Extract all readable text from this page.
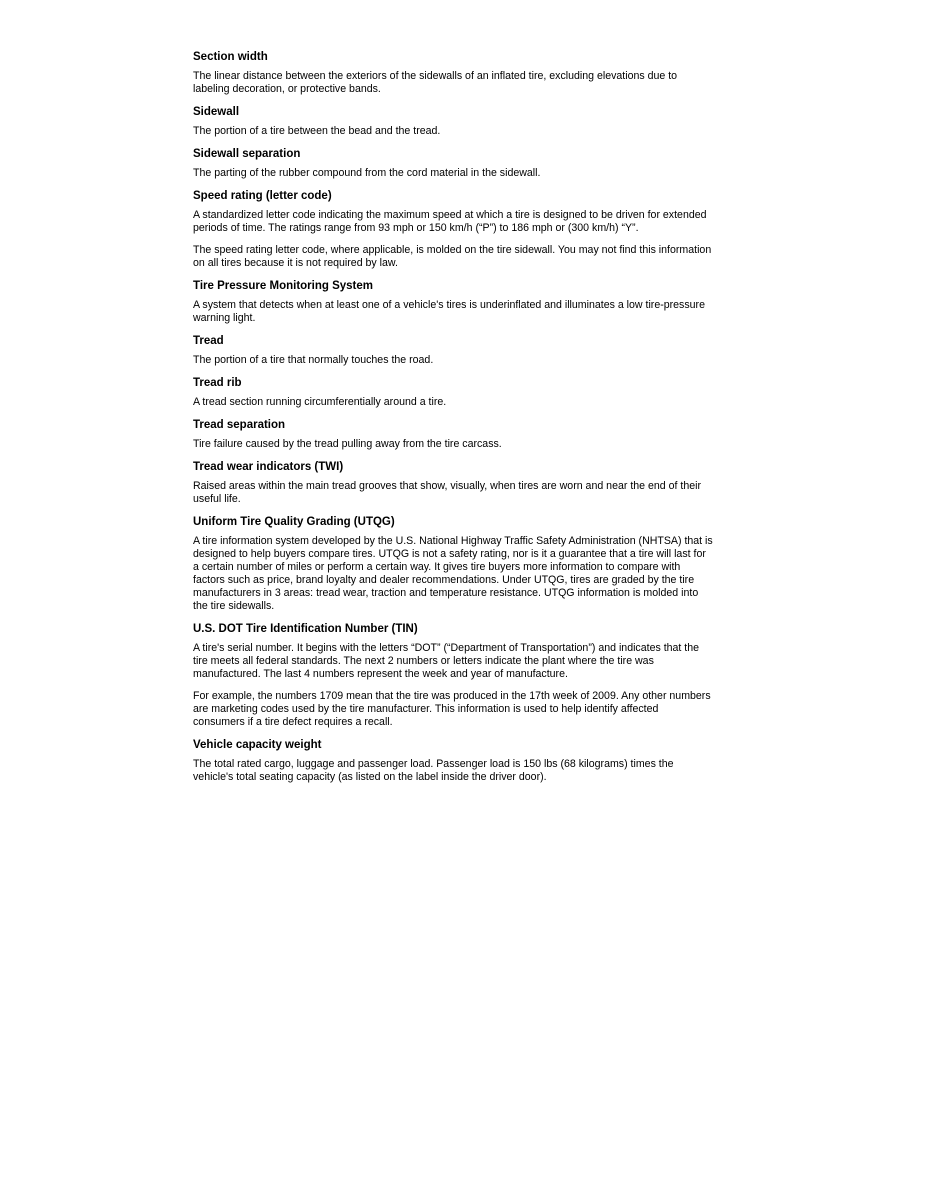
Section width

The linear distance between the exteriors of the sidewalls of an inflated tire, excluding elevations due to labeling decoration, or protective bands.

Sidewall

The portion of a tire between the bead and the tread.

Sidewall separation

The parting of the rubber compound from the cord material in the sidewall.

Speed rating (letter code)

A standardized letter code indicating the maximum speed at which a tire is designed to be driven for extended periods of time. The ratings range from 93 mph or 150 km/h (“P”) to 186 mph or (300 km/h) “Y”.

The speed rating letter code, where applicable, is molded on the tire sidewall. You may not find this information on all tires because it is not required by law.

Tire Pressure Monitoring System

A system that detects when at least one of a vehicle's tires is underinflated and illuminates a low tire-pressure warning light.

Tread

The portion of a tire that normally touches the road.

Tread rib

A tread section running circumferentially around a tire.

Tread separation

Tire failure caused by the tread pulling away from the tire carcass.

Tread wear indicators (TWI)

Raised areas within the main tread grooves that show, visually, when tires are worn and near the end of their useful life.

Uniform Tire Quality Grading (UTQG)

A tire information system developed by the U.S. National Highway Traffic Safety Administration (NHTSA) that is designed to help buyers compare tires. UTQG is not a safety rating, nor is it a guarantee that a tire will last for a certain number of miles or perform a certain way. It gives tire buyers more information to compare with factors such as price, brand loyalty and dealer recommendations. Under UTQG, tires are graded by the tire manufacturers in 3 areas: tread wear, traction and temperature resistance. UTQG information is molded into the tire sidewalls.

U.S. DOT Tire Identification Number (TIN)

A tire's serial number. It begins with the letters “DOT” (“Department of Transportation”) and indicates that the tire meets all federal standards. The next 2 numbers or letters indicate the plant where the tire was manufactured. The last 4 numbers represent the week and year of manufacture.

For example, the numbers 1709 mean that the tire was produced in the 17th week of 2009. Any other numbers are marketing codes used by the tire manufacturer. This information is used to help identify affected consumers if a tire defect requires a recall.

Vehicle capacity weight

The total rated cargo, luggage and passenger load. Passenger load is 150 lbs (68 kilograms) times the vehicle's total seating capacity (as listed on the label inside the driver door).
